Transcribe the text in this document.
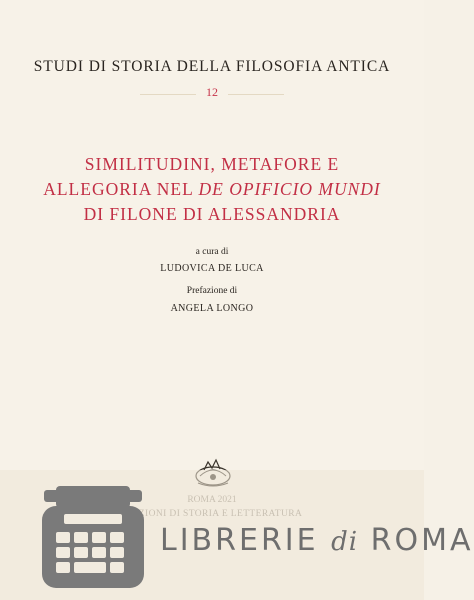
STUDI DI STORIA DELLA FILOSOFIA ANTICA
12
SIMILITUDINI, METAFORE E
ALLEGORIA NEL DE OPIFICIO MUNDI
DI FILONE DI ALESSANDRIA
a cura di
LUDOVICA DE LUCA
Prefazione di
ANGELA LONGO
LIBRERIE di ROMA
